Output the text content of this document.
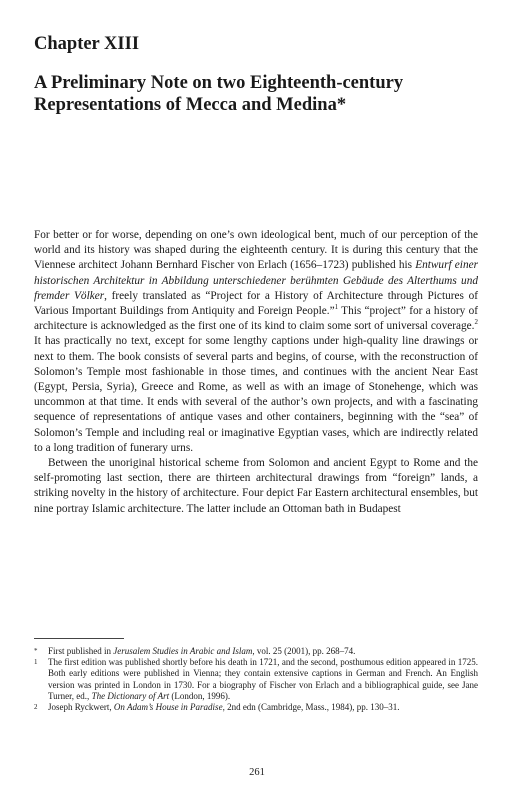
Chapter XIII
A Preliminary Note on two Eighteenth-century Representations of Mecca and Medina*

For better or for worse, depending on one’s own ideological bent, much of our perception of the world and its history was shaped during the eighteenth century. It is during this century that the Viennese architect Johann Bernhard Fischer von Erlach (1656–1723) published his Entwurf einer historischen Architektur in Abbildung unterschiedener berühmten Gebäude des Alterthums und fremder Völker, freely translated as “Project for a History of Architecture through Pictures of Various Important Buildings from Antiquity and Foreign People.”$^1$ This “project” for a history of architecture is acknowledged as the first one of its kind to claim some sort of universal coverage.$^2$ It has practically no text, except for some lengthy captions under high-quality line drawings or next to them. The book consists of several parts and begins, of course, with the reconstruction of Solomon’s Temple most fashionable in those times, and continues with the ancient Near East (Egypt, Persia, Syria), Greece and Rome, as well as with an image of Stonehenge, which was uncommon at that time. It ends with several of the author’s own projects, and with a fascinating sequence of representations of antique vases and other containers, beginning with the “sea” of Solomon’s Temple and including real or imaginative Egyptian vases, which are indirectly related to a long tradition of funerary urns.

Between the unoriginal historical scheme from Solomon and ancient Egypt to Rome and the self-promoting last section, there are thirteen architectural drawings from “foreign” lands, a striking novelty in the history of architecture. Four depict Far Eastern architectural ensembles, but nine portray Islamic architecture. The latter include an Ottoman bath in Budapest

*	First published in Jerusalem Studies in Arabic and Islam, vol. 25 (2001), pp. 268–74.
1	The first edition was published shortly before his death in 1721, and the second, posthumous edition appeared in 1725. Both early editions were published in Vienna; they contain extensive captions in German and French. An English version was printed in London in 1730. For a biography of Fischer von Erlach and a bibliographical guide, see Jane Turner, ed., The Dictionary of Art (London, 1996).
2	Joseph Ryckwert, On Adam’s House in Paradise, 2nd edn (Cambridge, Mass., 1984), pp. 130–31.
261
